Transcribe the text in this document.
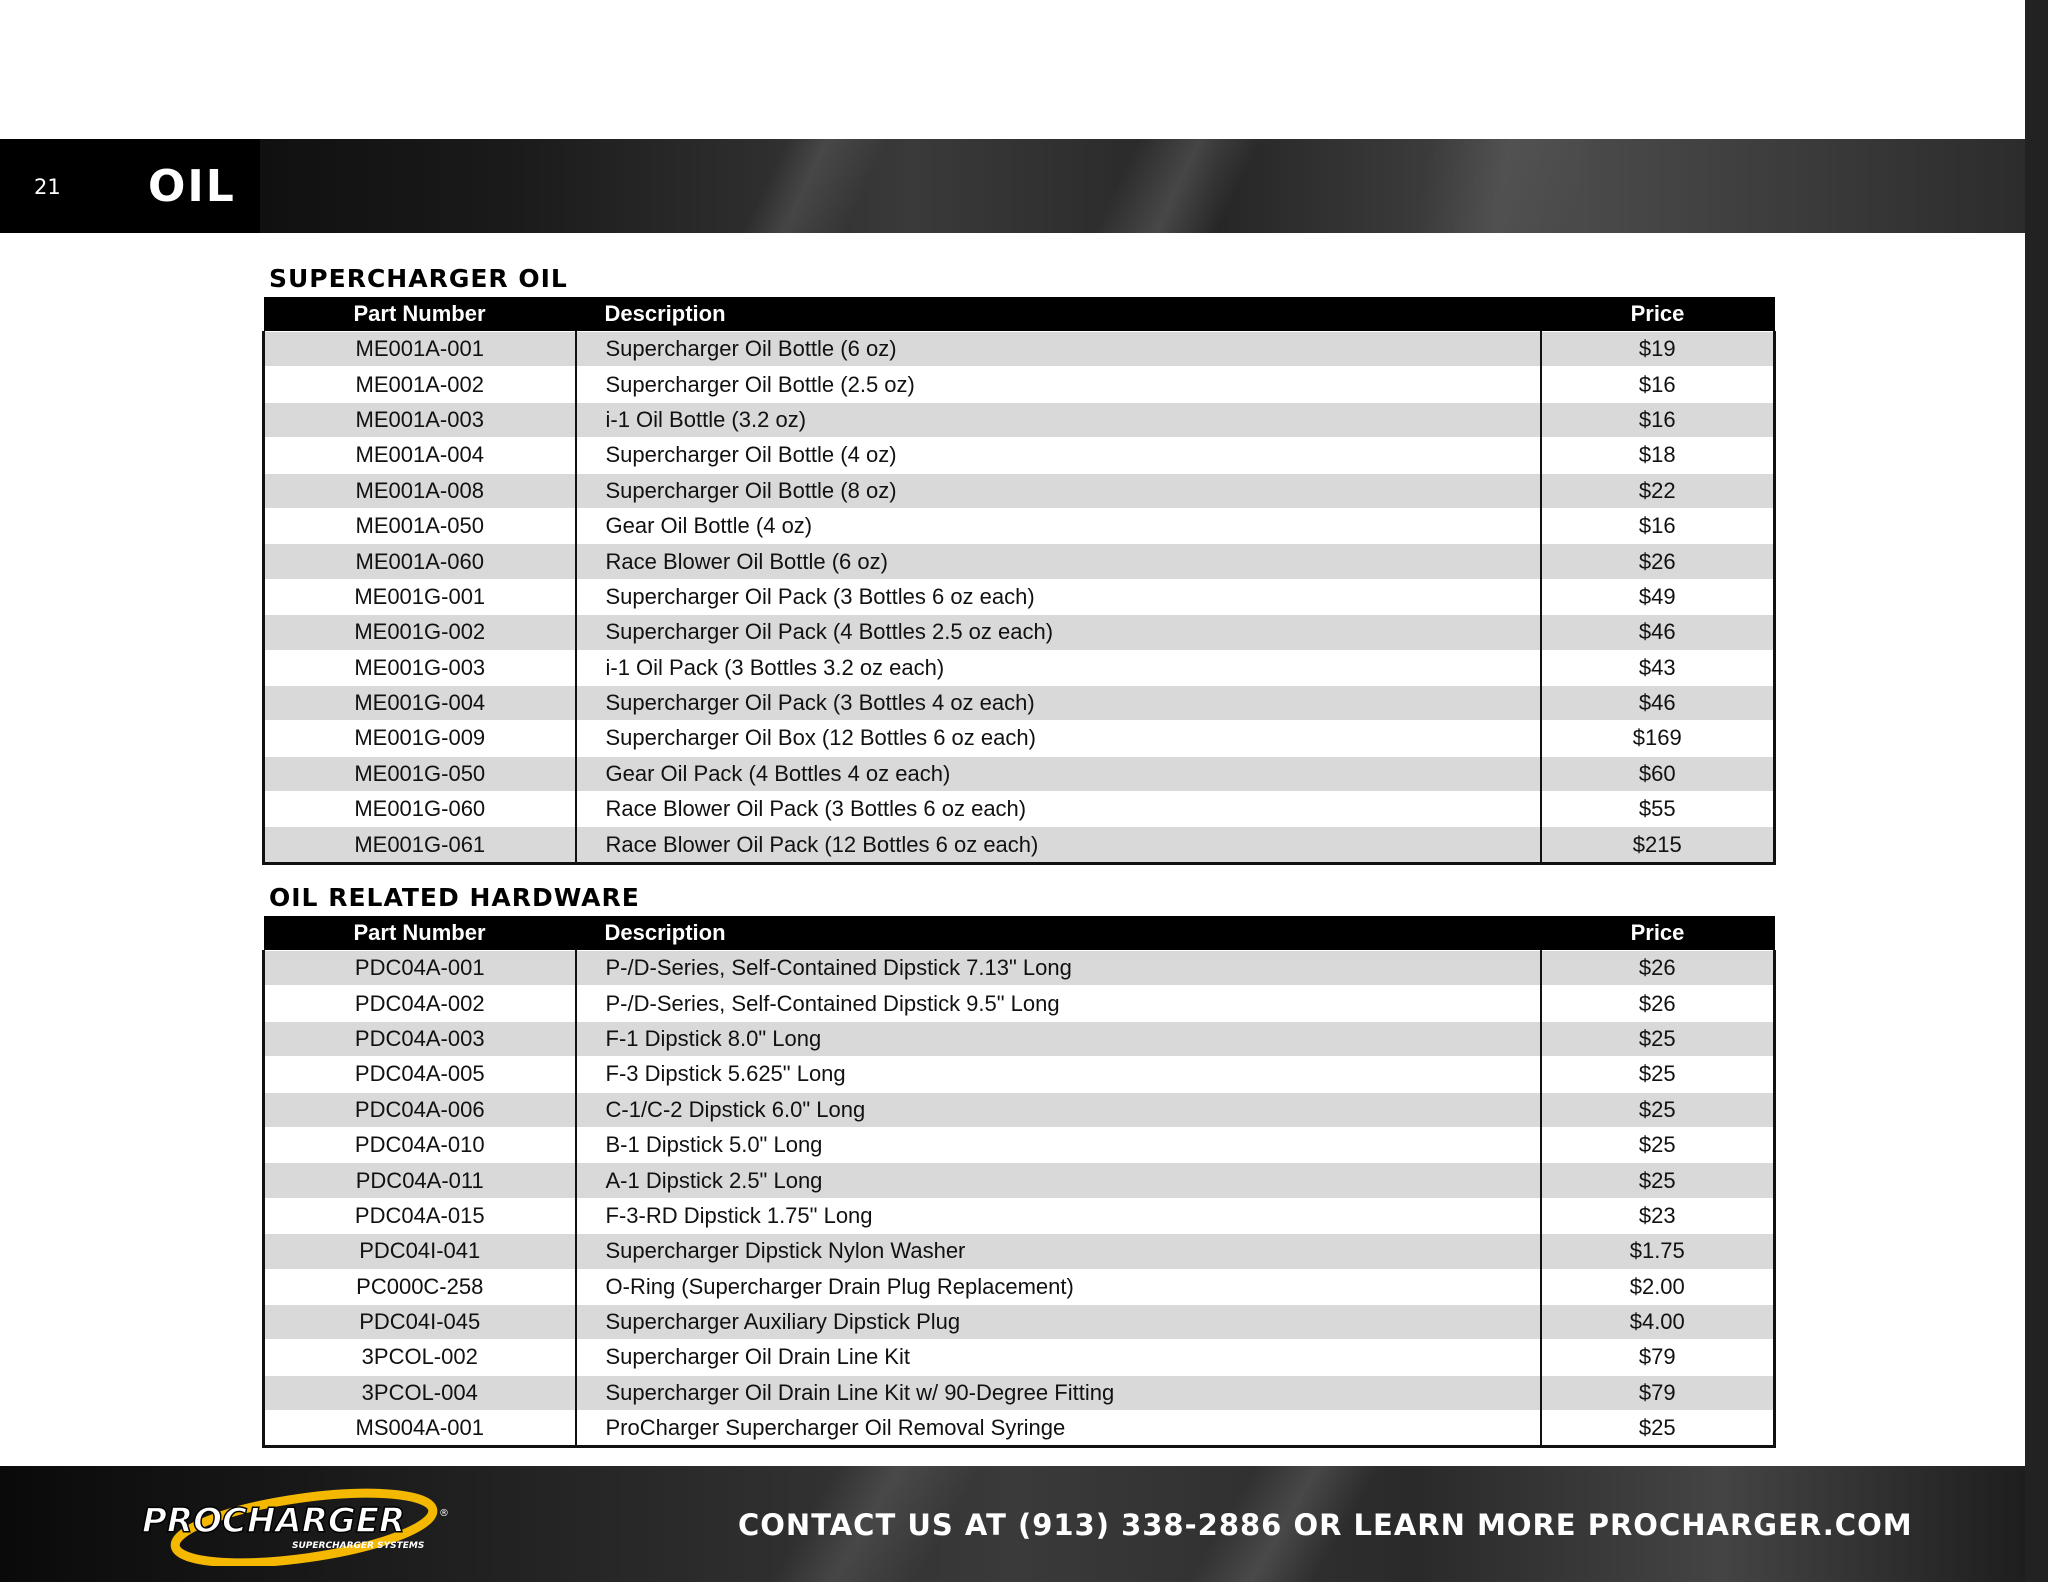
21 OIL
SUPERCHARGER OIL
Part Number	Description	Price
ME001A-001	Supercharger Oil Bottle (6 oz)	$19
ME001A-002	Supercharger Oil Bottle (2.5 oz)	$16
ME001A-003	i-1 Oil Bottle (3.2 oz)	$16
ME001A-004	Supercharger Oil Bottle (4 oz)	$18
ME001A-008	Supercharger Oil Bottle (8 oz)	$22
ME001A-050	Gear Oil Bottle (4 oz)	$16
ME001A-060	Race Blower Oil Bottle (6 oz)	$26
ME001G-001	Supercharger Oil Pack (3 Bottles 6 oz each)	$49
ME001G-002	Supercharger Oil Pack (4 Bottles 2.5 oz each)	$46
ME001G-003	i-1 Oil Pack (3 Bottles 3.2 oz each)	$43
ME001G-004	Supercharger Oil Pack (3 Bottles 4 oz each)	$46
ME001G-009	Supercharger Oil Box (12 Bottles 6 oz each)	$169
ME001G-050	Gear Oil Pack (4 Bottles 4 oz each)	$60
ME001G-060	Race Blower Oil Pack (3 Bottles 6 oz each)	$55
ME001G-061	Race Blower Oil Pack (12 Bottles 6 oz each)	$215
OIL RELATED HARDWARE
Part Number	Description	Price
PDC04A-001	P-/D-Series, Self-Contained Dipstick 7.13" Long	$26
PDC04A-002	P-/D-Series, Self-Contained Dipstick 9.5" Long	$26
PDC04A-003	F-1 Dipstick 8.0" Long	$25
PDC04A-005	F-3 Dipstick 5.625" Long	$25
PDC04A-006	C-1/C-2 Dipstick 6.0" Long	$25
PDC04A-010	B-1 Dipstick 5.0" Long	$25
PDC04A-011	A-1 Dipstick 2.5" Long	$25
PDC04A-015	F-3-RD Dipstick 1.75" Long	$23
PDC04I-041	Supercharger Dipstick Nylon Washer	$1.75
PC000C-258	O-Ring (Supercharger Drain Plug Replacement)	$2.00
PDC04I-045	Supercharger Auxiliary Dipstick Plug	$4.00
3PCOL-002	Supercharger Oil Drain Line Kit	$79
3PCOL-004	Supercharger Oil Drain Line Kit w/ 90-Degree Fitting	$79
MS004A-001	ProCharger Supercharger Oil Removal Syringe	$25
PROCHARGER	®
SUPERCHARGER SYSTEMS
CONTACT US AT (913) 338-2886 OR LEARN MORE PROCHARGER.COM
